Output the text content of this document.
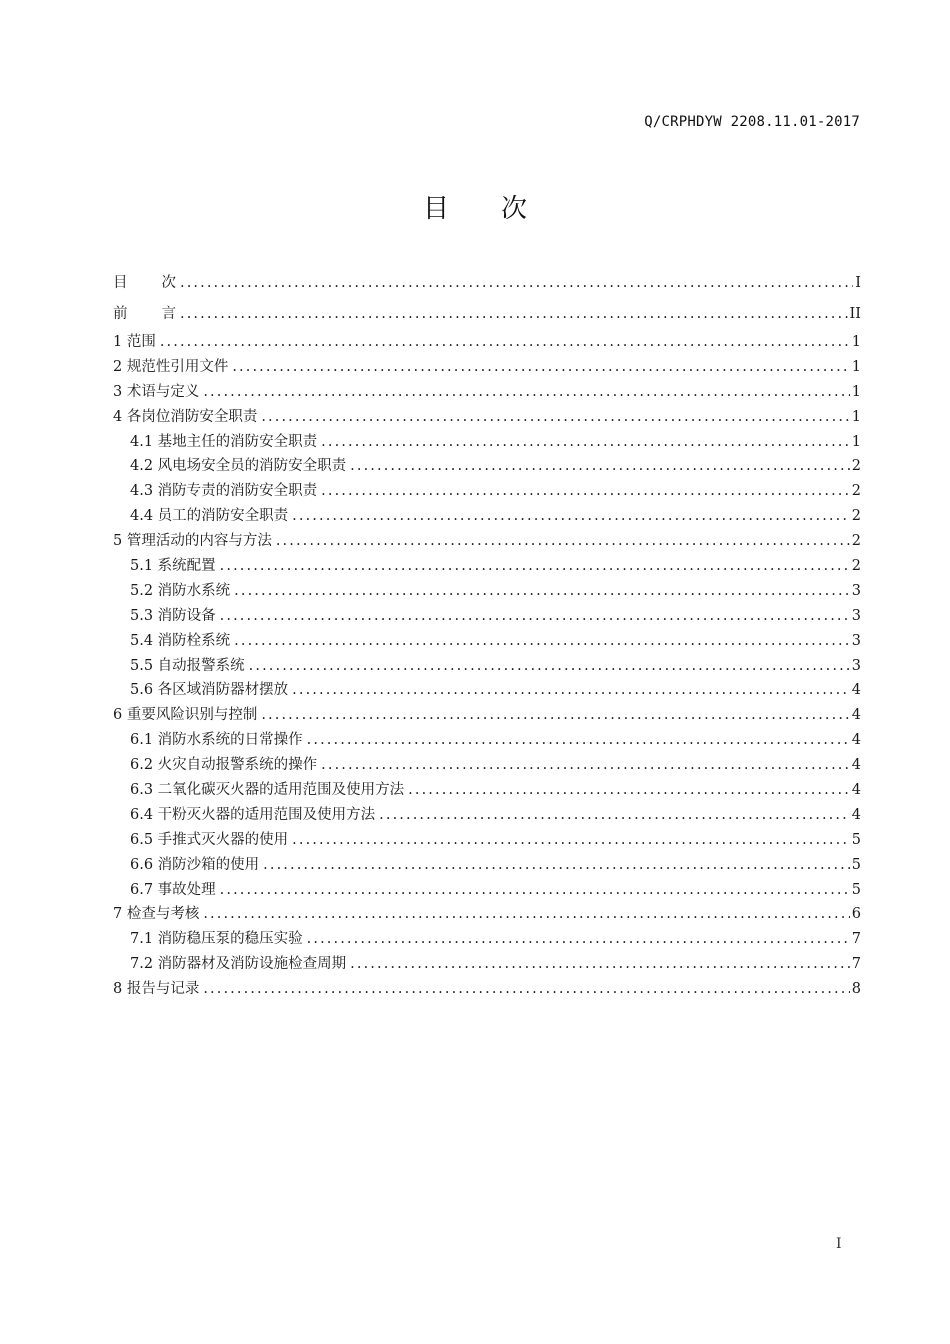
Q/CRPHDYW 2208.11.01-2017
目次
目 次 .....	I
前 言 .....	II
1 范围 .....	1
2 规范性引用文件 .....	1
3 术语与定义 .....	1
4 各岗位消防安全职责 .....	1
4.1 基地主任的消防安全职责 .....	1
4.2 风电场安全员的消防安全职责 .....	2
4.3 消防专责的消防安全职责 .....	2
4.4 员工的消防安全职责 .....	2
5 管理活动的内容与方法 .....	2
5.1 系统配置 .....	2
5.2 消防水系统 .....	3
5.3 消防设备 .....	3
5.4 消防栓系统 .....	3
5.5 自动报警系统 .....	3
5.6 各区域消防器材摆放 .....	4
6 重要风险识别与控制 .....	4
6.1 消防水系统的日常操作 .....	4
6.2 火灾自动报警系统的操作 .....	4
6.3 二氧化碳灭火器的适用范围及使用方法 .....	4
6.4 干粉灭火器的适用范围及使用方法 .....	4
6.5 手推式灭火器的使用 .....	5
6.6 消防沙箱的使用 .....	5
6.7 事故处理 .....	5
7 检查与考核 .....	6
7.1 消防稳压泵的稳压实验 .....	7
7.2 消防器材及消防设施检查周期 .....	7
8 报告与记录 .....	8
I
